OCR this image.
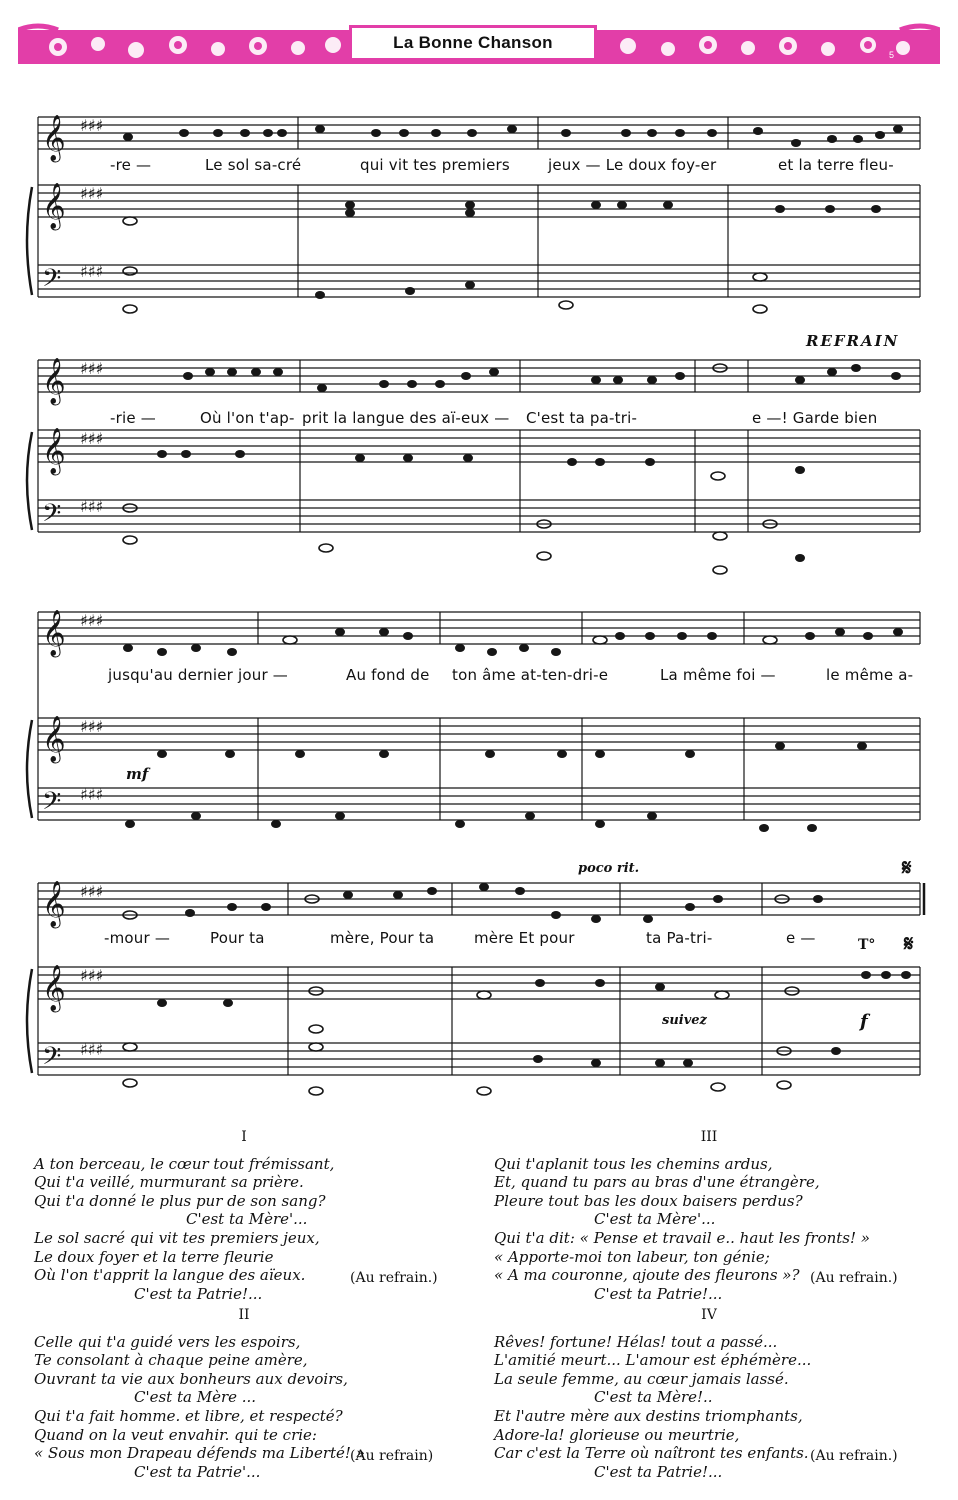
La Bonne Chanson
5
𝄞
𝄞
𝄢
♯♯♯
♯♯♯
♯♯♯
-re —	Le sol sa-cré	qui vit tes premiers	jeux — Le doux foy-er	et la terre fleu-
REFRAIN
𝄞
𝄞
𝄢
♯♯♯
♯♯♯
♯♯♯
-rie —	Où l'on t'ap- prit la langue des aï-eux — C'est ta pa-tri-	e —! Garde bien
𝄞
𝄞
𝄢
♯♯♯
♯♯♯
♯♯♯
mf
jusqu'au dernier jour —	Au fond de ton âme at-ten-dri-e	La même foi —	le même a-
poco rit.	𝄋
𝄞
𝄞
𝄢
♯♯♯
♯♯♯
♯♯♯
T° 𝄋
f
suivez
-mour —	Pour ta	mère, Pour ta	mère Et pour	ta Pa-tri-	e —
I
A ton berceau, le cœur tout frémissant,
Qui t'a veillé, murmurant sa prière.
Qui t'a donné le plus pur de son sang?
C'est ta Mère'...
Le sol sacré qui vit tes premiers jeux,
Le doux foyer et la terre fleurie
Où l'on t'apprit la langue des aïeux.
C'est ta Patrie!...
(Au refrain.)
II
Celle qui t'a guidé vers les espoirs,
Te consolant à chaque peine amère,
Ouvrant ta vie aux bonheurs aux devoirs,
C'est ta Mère ...
Qui t'a fait homme. et libre, et respecté?
Quand on la veut envahir. qui te crie:
« Sous mon Drapeau défends ma Liberté! »
C'est ta Patrie'...
(Au refrain)
III
Qui t'aplanit tous les chemins ardus,
Et, quand tu pars au bras d'une étrangère,
Pleure tout bas les doux baisers perdus?
C'est ta Mère'...
Qui t'a dit: « Pense et travail e.. haut les fronts! »
« Apporte-moi ton labeur, ton génie;
« A ma couronne, ajoute des fleurons »?
C'est ta Patrie!...
(Au refrain.)
IV
Rêves! fortune! Hélas! tout a passé...
L'amitié meurt... L'amour est éphémère...
La seule femme, au cœur jamais lassé.
C'est ta Mère!..
Et l'autre mère aux destins triomphants,
Adore-la! glorieuse ou meurtrie,
Car c'est la Terre où naîtront tes enfants.
C'est ta Patrie!...
(Au refrain.)
